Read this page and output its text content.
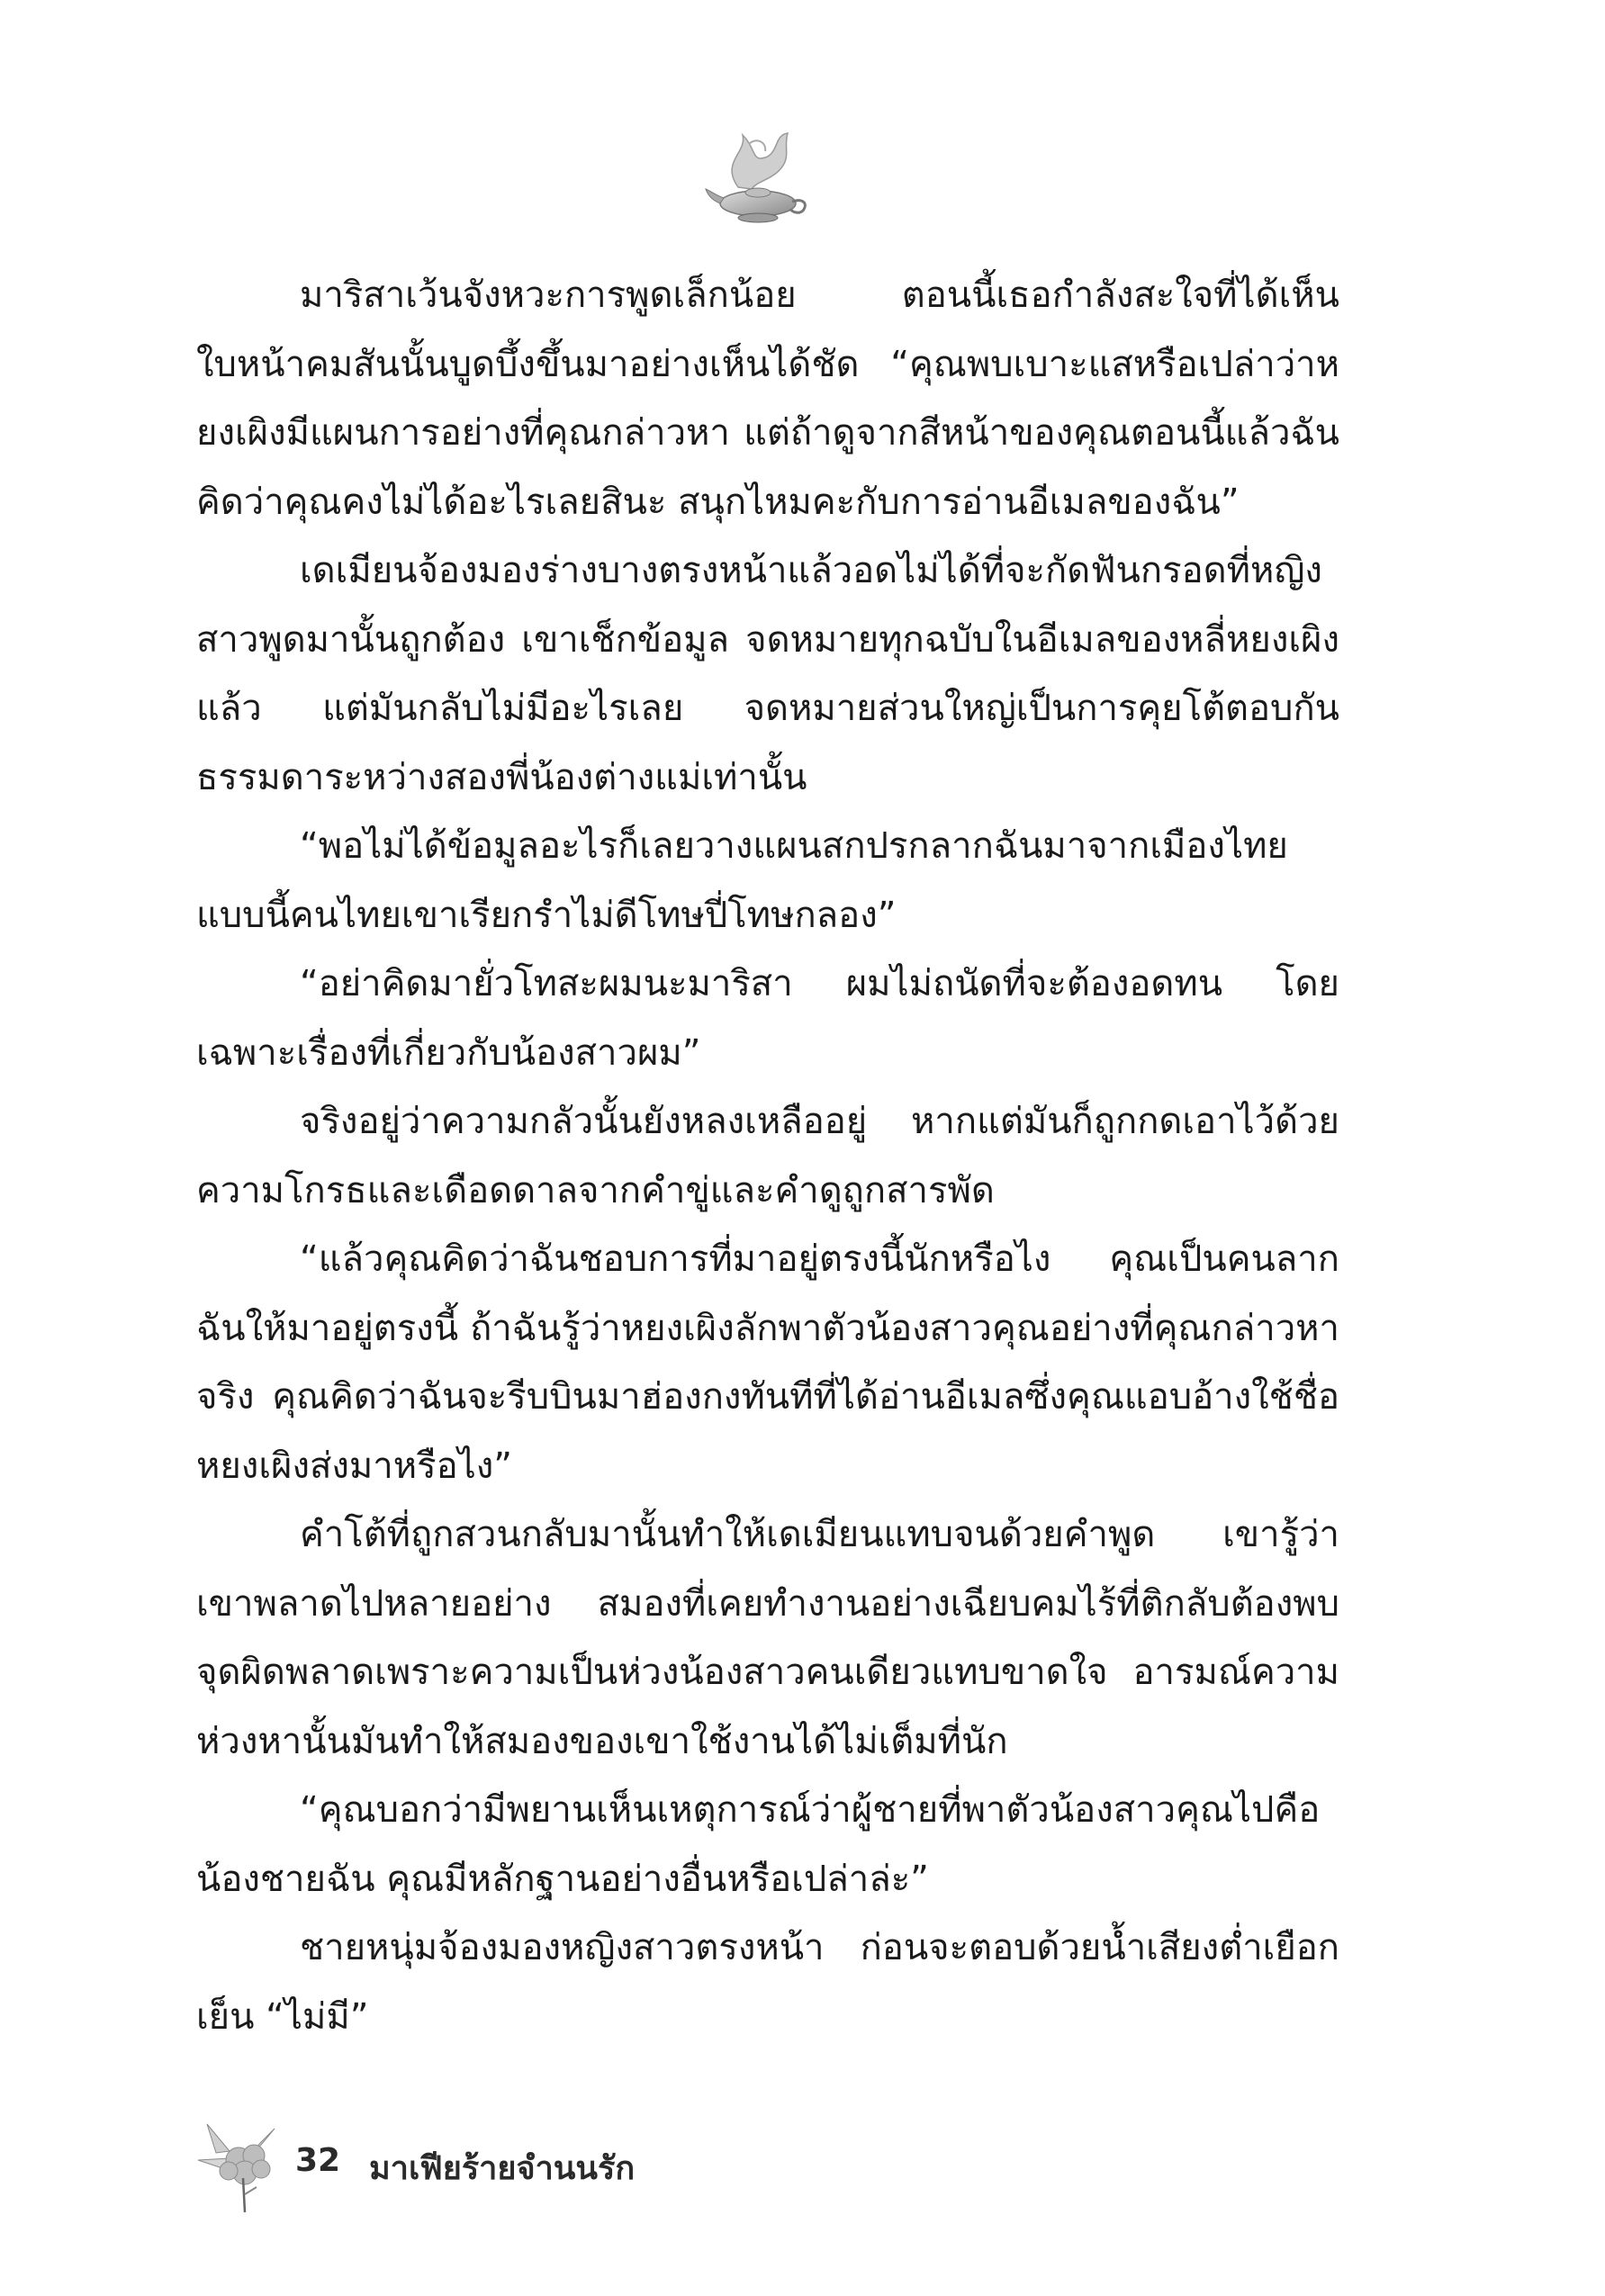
มาริสาเว้นจังหวะการพูดเล็กน้อย ตอนนี้เธอกำลังสะใจที่ได้เห็นใบหน้าคมสันนั้นบูดบึ้งขึ้นมาอย่างเห็นได้ชัด “คุณพบเบาะแสหรือเปล่าว่าหยงเผิงมีแผนการอย่างที่คุณกล่าวหา แต่ถ้าดูจากสีหน้าของคุณตอนนี้แล้วฉันคิดว่าคุณคงไม่ได้อะไรเลยสินะ สนุกไหมคะกับการอ่านอีเมลของฉัน”

เดเมียนจ้องมองร่างบางตรงหน้าแล้วอดไม่ได้ที่จะกัดฟันกรอดที่หญิงสาวพูดมานั้นถูกต้อง เขาเช็กข้อมูล จดหมายทุกฉบับในอีเมลของหลี่หยงเผิงแล้ว แต่มันกลับไม่มีอะไรเลย จดหมายส่วนใหญ่เป็นการคุยโต้ตอบกันธรรมดาระหว่างสองพี่น้องต่างแม่เท่านั้น

“พอไม่ได้ข้อมูลอะไรก็เลยวางแผนสกปรกลากฉันมาจากเมืองไทยแบบนี้คนไทยเขาเรียกรำไม่ดีโทษปี่โทษกลอง”

“อย่าคิดมายั่วโทสะผมนะมาริสา ผมไม่ถนัดที่จะต้องอดทน โดยเฉพาะเรื่องที่เกี่ยวกับน้องสาวผม”

จริงอยู่ว่าความกลัวนั้นยังหลงเหลืออยู่ หากแต่มันก็ถูกกดเอาไว้ด้วยความโกรธและเดือดดาลจากคำขู่และคำดูถูกสารพัด

“แล้วคุณคิดว่าฉันชอบการที่มาอยู่ตรงนี้นักหรือไง คุณเป็นคนลากฉันให้มาอยู่ตรงนี้ ถ้าฉันรู้ว่าหยงเผิงลักพาตัวน้องสาวคุณอย่างที่คุณกล่าวหาจริง คุณคิดว่าฉันจะรีบบินมาฮ่องกงทันทีที่ได้อ่านอีเมลซึ่งคุณแอบอ้างใช้ชื่อหยงเผิงส่งมาหรือไง”

คำโต้ที่ถูกสวนกลับมานั้นทำให้เดเมียนแทบจนด้วยคำพูด เขารู้ว่าเขาพลาดไปหลายอย่าง สมองที่เคยทำงานอย่างเฉียบคมไร้ที่ติกลับต้องพบจุดผิดพลาดเพราะความเป็นห่วงน้องสาวคนเดียวแทบขาดใจ อารมณ์ความห่วงหานั้นมันทำให้สมองของเขาใช้งานได้ไม่เต็มที่นัก

“คุณบอกว่ามีพยานเห็นเหตุการณ์ว่าผู้ชายที่พาตัวน้องสาวคุณไปคือน้องชายฉัน คุณมีหลักฐานอย่างอื่นหรือเปล่าล่ะ”

ชายหนุ่มจ้องมองหญิงสาวตรงหน้า ก่อนจะตอบด้วยน้ำเสียงต่ำเยือกเย็น “ไม่มี”

32 มาเฟียร้ายจำนนรัก
